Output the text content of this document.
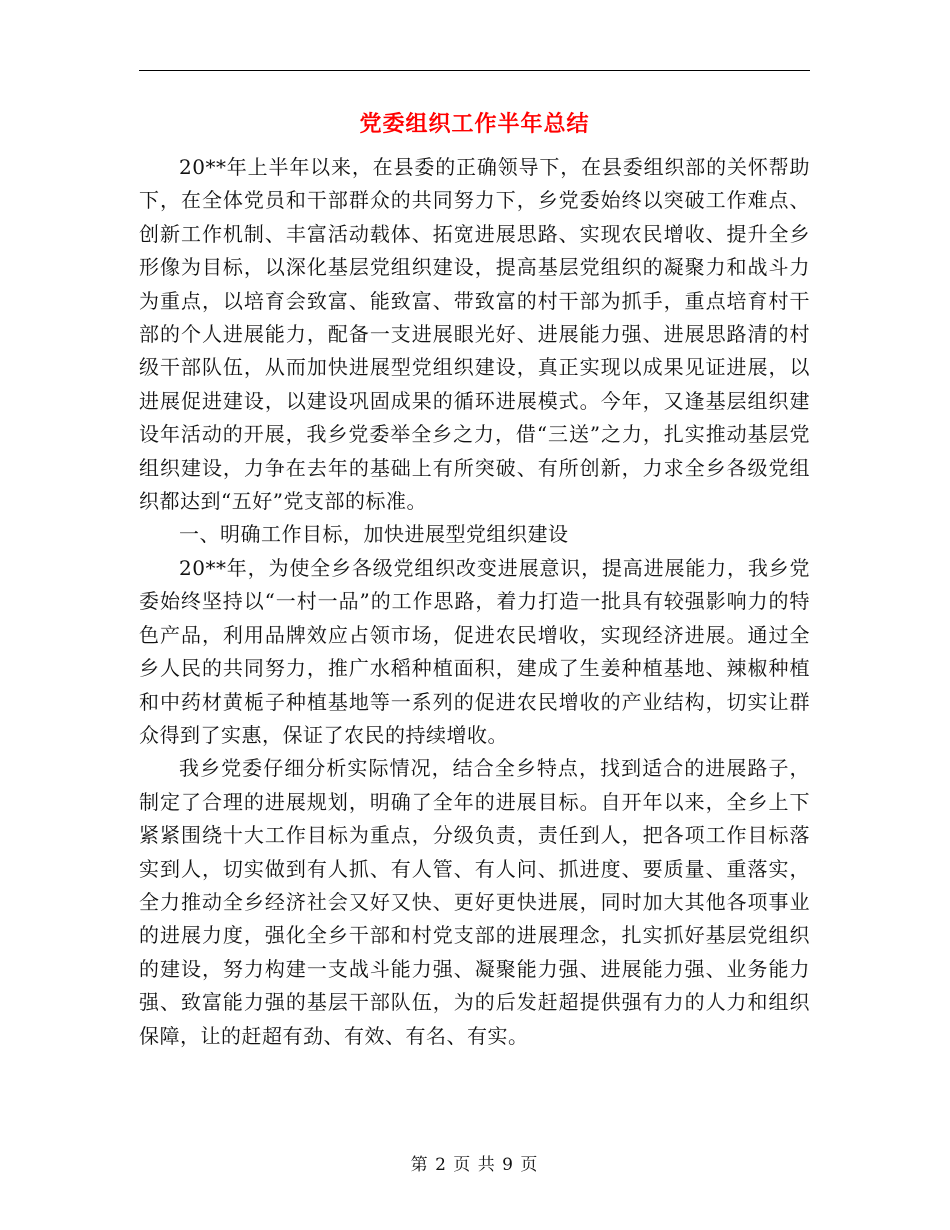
党委组织工作半年总结

20**年上半年以来，在县委的正确领导下，在县委组织部的关怀帮助下，在全体党员和干部群众的共同努力下，乡党委始终以突破工作难点、创新工作机制、丰富活动载体、拓宽进展思路、实现农民增收、提升全乡形像为目标，以深化基层党组织建设，提高基层党组织的凝聚力和战斗力为重点，以培育会致富、能致富、带致富的村干部为抓手，重点培育村干部的个人进展能力，配备一支进展眼光好、进展能力强、进展思路清的村级干部队伍，从而加快进展型党组织建设，真正实现以成果见证进展，以进展促进建设，以建设巩固成果的循环进展模式。今年，又逢基层组织建设年活动的开展，我乡党委举全乡之力，借“三送”之力，扎实推动基层党组织建设，力争在去年的基础上有所突破、有所创新，力求全乡各级党组织都达到“五好”党支部的标准。

一、明确工作目标，加快进展型党组织建设

20**年，为使全乡各级党组织改变进展意识，提高进展能力，我乡党委始终坚持以“一村一品”的工作思路，着力打造一批具有较强影响力的特色产品，利用品牌效应占领市场，促进农民增收，实现经济进展。通过全乡人民的共同努力，推广水稻种植面积，建成了生姜种植基地、辣椒种植和中药材黄栀子种植基地等一系列的促进农民增收的产业结构，切实让群众得到了实惠，保证了农民的持续增收。

我乡党委仔细分析实际情况，结合全乡特点，找到适合的进展路子，制定了合理的进展规划，明确了全年的进展目标。自开年以来，全乡上下紧紧围绕十大工作目标为重点，分级负责，责任到人，把各项工作目标落实到人，切实做到有人抓、有人管、有人问、抓进度、要质量、重落实，全力推动全乡经济社会又好又快、更好更快进展，同时加大其他各项事业的进展力度，强化全乡干部和村党支部的进展理念，扎实抓好基层党组织的建设，努力构建一支战斗能力强、凝聚能力强、进展能力强、业务能力强、致富能力强的基层干部队伍，为的后发赶超提供强有力的人力和组织保障，让的赶超有劲、有效、有名、有实。

第 2 页 共 9 页
